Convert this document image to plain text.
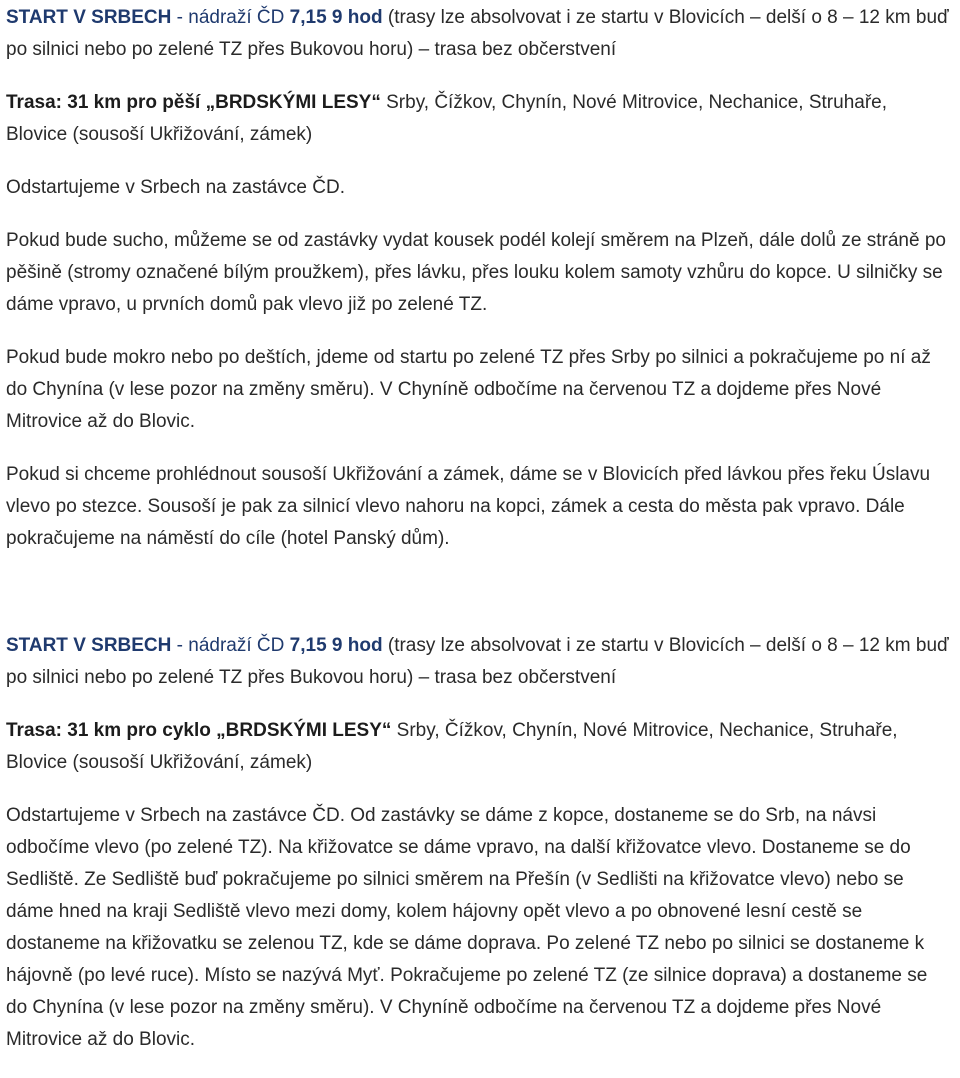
START V SRBECH - nádraží ČD 7,15 9 hod (trasy lze absolvovat i ze startu v Blovicích – delší o 8 – 12 km buď po silnici nebo po zelené TZ přes Bukovou horu) – trasa bez občerstvení

Trasa: 31 km pro pěší „BRDSKÝMI LESY“ Srby, Čížkov, Chynín, Nové Mitrovice, Nechanice, Struhaře, Blovice (sousoší Ukřižování, zámek)

Odstartujeme v Srbech na zastávce ČD.

Pokud bude sucho, můžeme se od zastávky vydat kousek podél kolejí směrem na Plzeň, dále dolů ze stráně po pěšině (stromy označené bílým proužkem), přes lávku, přes louku kolem samoty vzhůru do kopce. U silničky se dáme vpravo, u prvních domů pak vlevo již po zelené TZ.

Pokud bude mokro nebo po deštích, jdeme od startu po zelené TZ přes Srby po silnici a pokračujeme po ní až do Chynína (v lese pozor na změny směru). V Chyníně odbočíme na červenou TZ a dojdeme přes Nové Mitrovice až do Blovic.

Pokud si chceme prohlédnout sousoší Ukřižování a zámek, dáme se v Blovicích před lávkou přes řeku Úslavu vlevo po stezce. Sousoší je pak za silnicí vlevo nahoru na kopci, zámek a cesta do města pak vpravo. Dále pokračujeme na náměstí do cíle (hotel Panský dům).

START V SRBECH - nádraží ČD 7,15 9 hod (trasy lze absolvovat i ze startu v Blovicích – delší o 8 – 12 km buď po silnici nebo po zelené TZ přes Bukovou horu) – trasa bez občerstvení

Trasa: 31 km pro cyklo „BRDSKÝMI LESY“ Srby, Čížkov, Chynín, Nové Mitrovice, Nechanice, Struhaře, Blovice (sousoší Ukřižování, zámek)

Odstartujeme v Srbech na zastávce ČD. Od zastávky se dáme z kopce, dostaneme se do Srb, na návsi odbočíme vlevo (po zelené TZ). Na křižovatce se dáme vpravo, na další křižovatce vlevo. Dostaneme se do Sedliště. Ze Sedliště buď pokračujeme po silnici směrem na Přešín (v Sedlišti na křižovatce vlevo) nebo se dáme hned na kraji Sedliště vlevo mezi domy, kolem hájovny opět vlevo a po obnovené lesní cestě se dostaneme na křižovatku se zelenou TZ, kde se dáme doprava. Po zelené TZ nebo po silnici se dostaneme k hájovně (po levé ruce). Místo se nazývá Myť. Pokračujeme po zelené TZ (ze silnice doprava) a dostaneme se do Chynína (v lese pozor na změny směru). V Chyníně odbočíme na červenou TZ a dojdeme přes Nové Mitrovice až do Blovic.
